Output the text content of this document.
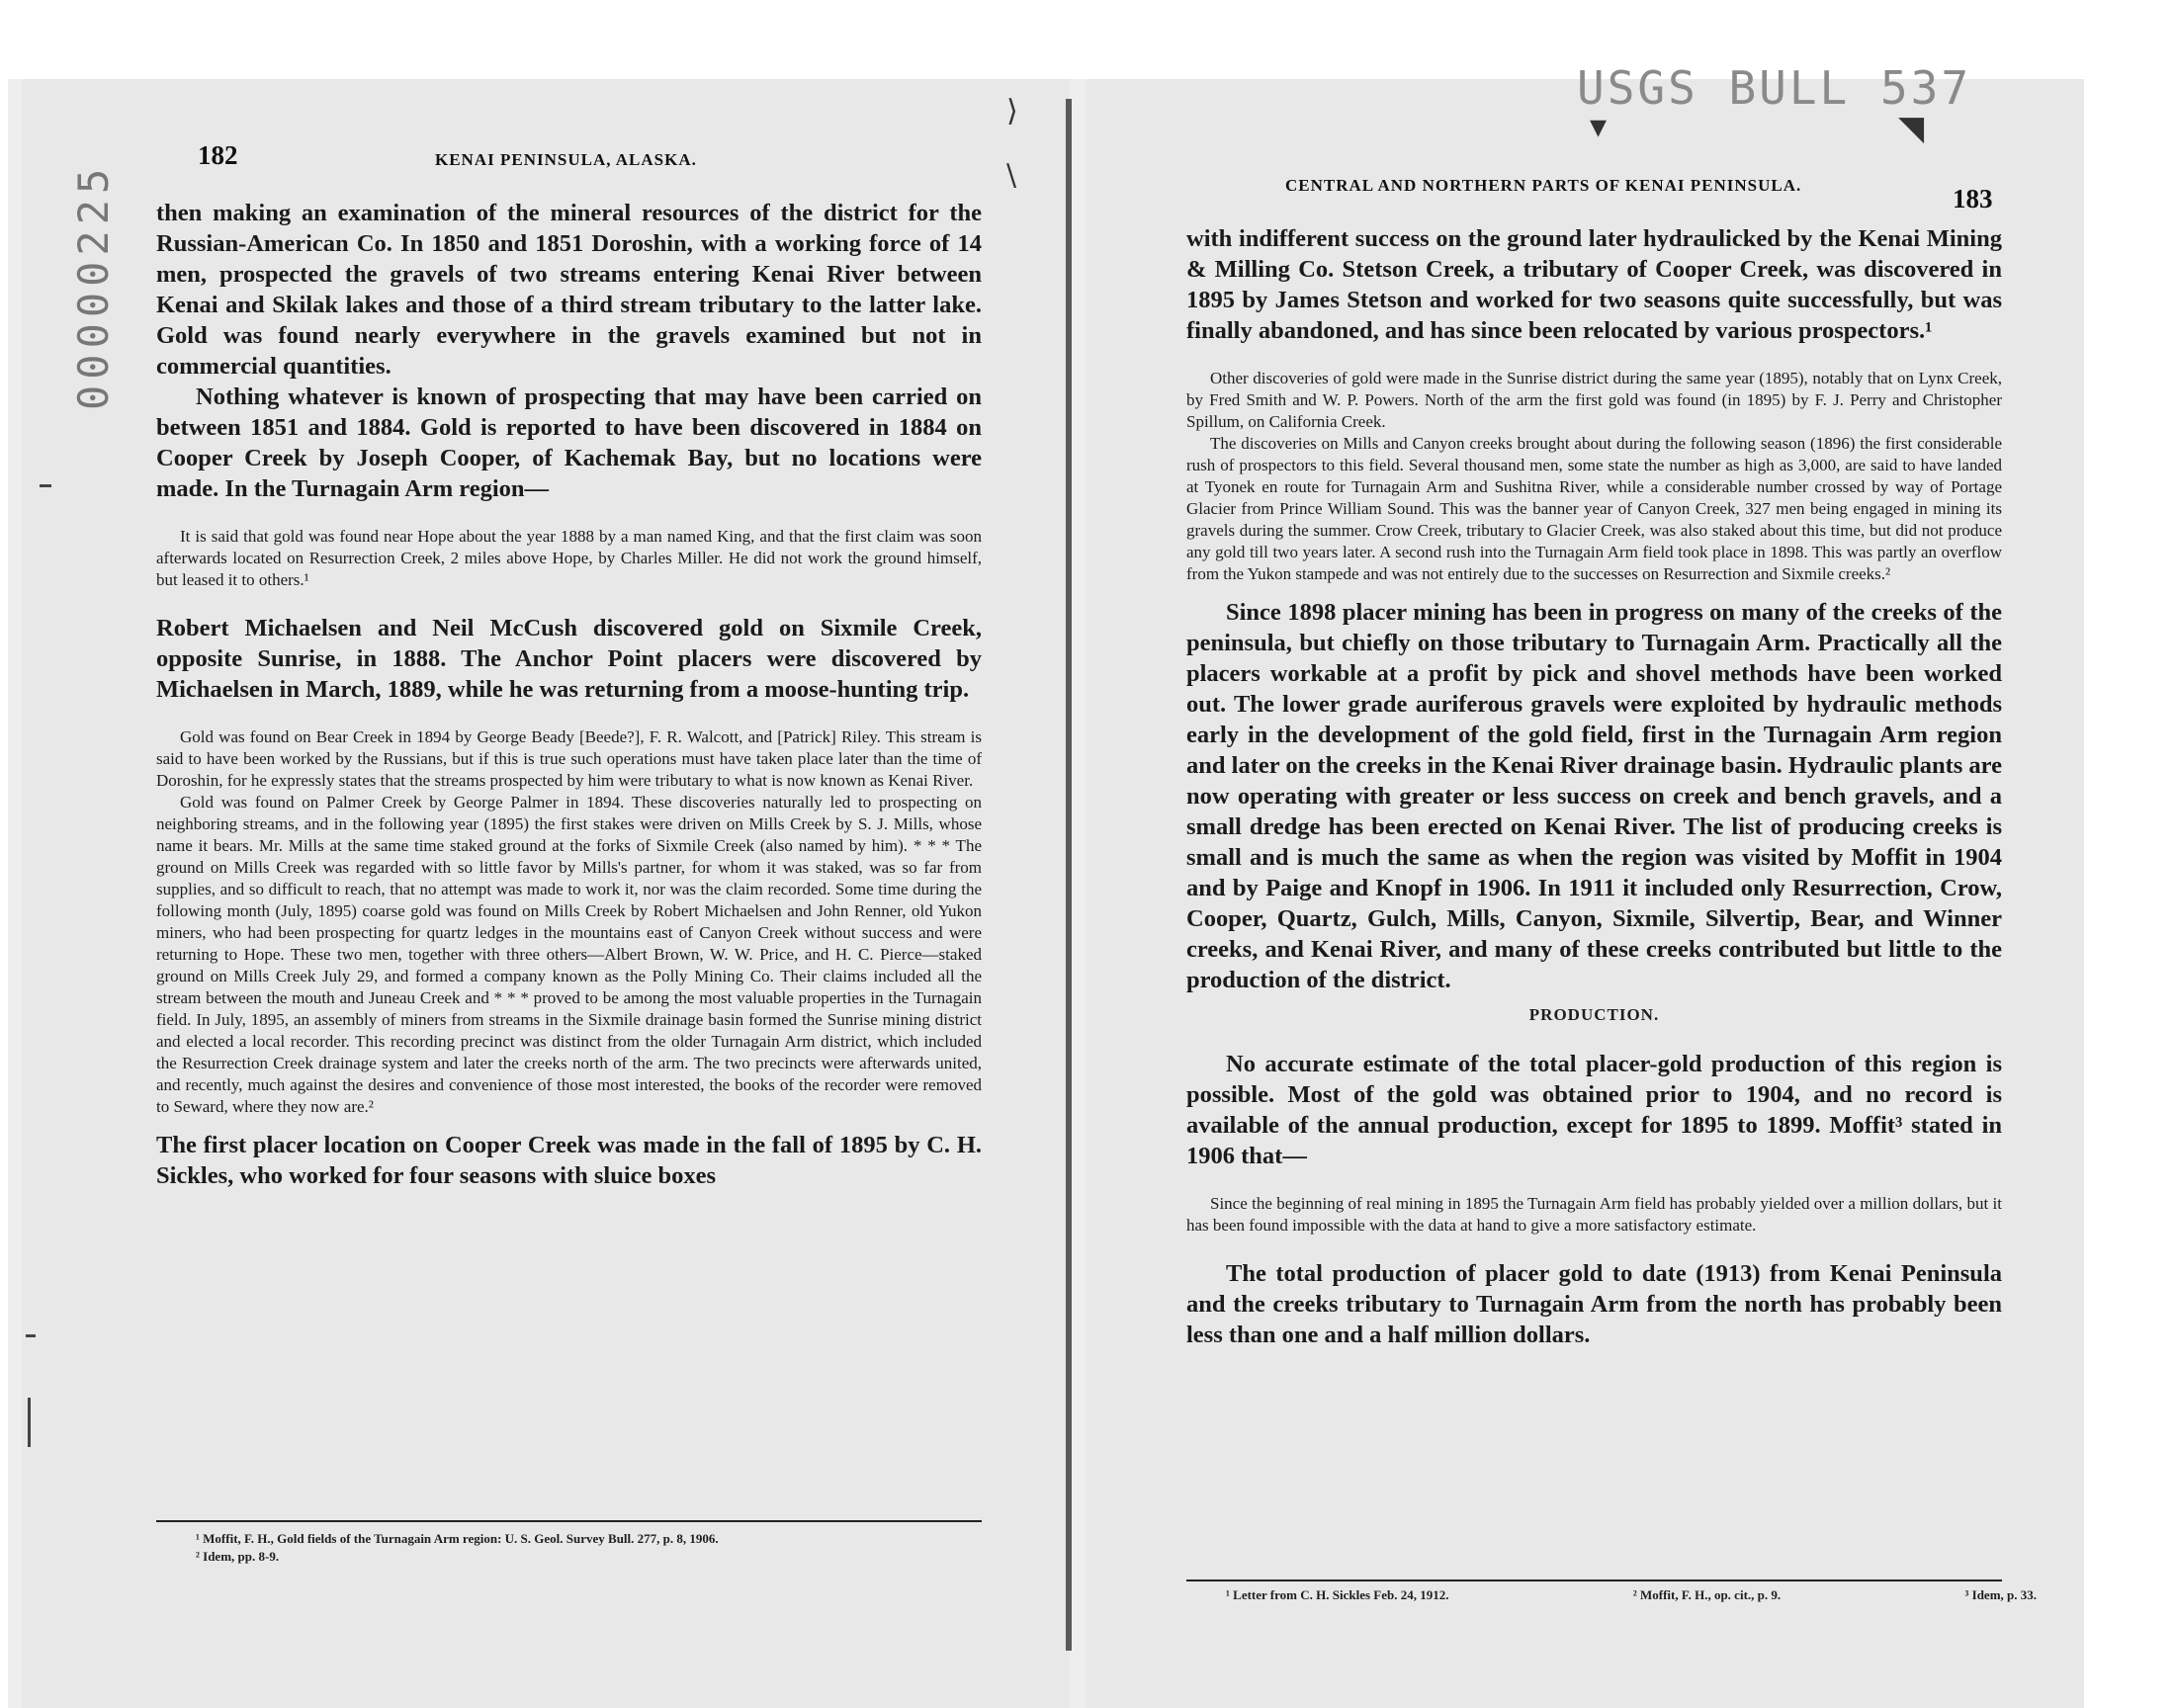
⟩
\
▾	◥
00000225
USGS BULL 537
182	KENAI PENINSULA, ALASKA.
CENTRAL AND NORTHERN PARTS OF KENAI PENINSULA.	183

then making an examination of the mineral resources of the district for the Russian-American Co. In 1850 and 1851 Doroshin, with a working force of 14 men, prospected the gravels of two streams entering Kenai River between Kenai and Skilak lakes and those of a third stream tributary to the latter lake. Gold was found nearly everywhere in the gravels examined but not in commercial quantities.

Nothing whatever is known of prospecting that may have been carried on between 1851 and 1884. Gold is reported to have been discovered in 1884 on Cooper Creek by Joseph Cooper, of Kachemak Bay, but no locations were made. In the Turnagain Arm region—

It is said that gold was found near Hope about the year 1888 by a man named King, and that the first claim was soon afterwards located on Resurrection Creek, 2 miles above Hope, by Charles Miller. He did not work the ground himself, but leased it to others.¹

Robert Michaelsen and Neil McCush discovered gold on Sixmile Creek, opposite Sunrise, in 1888. The Anchor Point placers were discovered by Michaelsen in March, 1889, while he was returning from a moose-hunting trip.

Gold was found on Bear Creek in 1894 by George Beady [Beede?], F. R. Walcott, and [Patrick] Riley. This stream is said to have been worked by the Russians, but if this is true such operations must have taken place later than the time of Doroshin, for he expressly states that the streams prospected by him were tributary to what is now known as Kenai River.

Gold was found on Palmer Creek by George Palmer in 1894. These discoveries naturally led to prospecting on neighboring streams, and in the following year (1895) the first stakes were driven on Mills Creek by S. J. Mills, whose name it bears. Mr. Mills at the same time staked ground at the forks of Sixmile Creek (also named by him). * * * The ground on Mills Creek was regarded with so little favor by Mills's partner, for whom it was staked, was so far from supplies, and so difficult to reach, that no attempt was made to work it, nor was the claim recorded. Some time during the following month (July, 1895) coarse gold was found on Mills Creek by Robert Michaelsen and John Renner, old Yukon miners, who had been prospecting for quartz ledges in the mountains east of Canyon Creek without success and were returning to Hope. These two men, together with three others—Albert Brown, W. W. Price, and H. C. Pierce—staked ground on Mills Creek July 29, and formed a company known as the Polly Mining Co. Their claims included all the stream between the mouth and Juneau Creek and * * * proved to be among the most valuable properties in the Turnagain field. In July, 1895, an assembly of miners from streams in the Sixmile drainage basin formed the Sunrise mining district and elected a local recorder. This recording precinct was distinct from the older Turnagain Arm district, which included the Resurrection Creek drainage system and later the creeks north of the arm. The two precincts were afterwards united, and recently, much against the desires and convenience of those most interested, the books of the recorder were removed to Seward, where they now are.²

The first placer location on Cooper Creek was made in the fall of 1895 by C. H. Sickles, who worked for four seasons with sluice boxes

¹ Moffit, F. H., Gold fields of the Turnagain Arm region: U. S. Geol. Survey Bull. 277, p. 8, 1906.
² Idem, pp. 8-9.

with indifferent success on the ground later hydraulicked by the Kenai Mining & Milling Co. Stetson Creek, a tributary of Cooper Creek, was discovered in 1895 by James Stetson and worked for two seasons quite successfully, but was finally abandoned, and has since been relocated by various prospectors.¹

Other discoveries of gold were made in the Sunrise district during the same year (1895), notably that on Lynx Creek, by Fred Smith and W. P. Powers. North of the arm the first gold was found (in 1895) by F. J. Perry and Christopher Spillum, on California Creek.

The discoveries on Mills and Canyon creeks brought about during the following season (1896) the first considerable rush of prospectors to this field. Several thousand men, some state the number as high as 3,000, are said to have landed at Tyonek en route for Turnagain Arm and Sushitna River, while a considerable number crossed by way of Portage Glacier from Prince William Sound. This was the banner year of Canyon Creek, 327 men being engaged in mining its gravels during the summer. Crow Creek, tributary to Glacier Creek, was also staked about this time, but did not produce any gold till two years later. A second rush into the Turnagain Arm field took place in 1898. This was partly an overflow from the Yukon stampede and was not entirely due to the successes on Resurrection and Sixmile creeks.²

Since 1898 placer mining has been in progress on many of the creeks of the peninsula, but chiefly on those tributary to Turnagain Arm. Practically all the placers workable at a profit by pick and shovel methods have been worked out. The lower grade auriferous gravels were exploited by hydraulic methods early in the development of the gold field, first in the Turnagain Arm region and later on the creeks in the Kenai River drainage basin. Hydraulic plants are now operating with greater or less success on creek and bench gravels, and a small dredge has been erected on Kenai River. The list of producing creeks is small and is much the same as when the region was visited by Moffit in 1904 and by Paige and Knopf in 1906. In 1911 it included only Resurrection, Crow, Cooper, Quartz, Gulch, Mills, Canyon, Sixmile, Silvertip, Bear, and Winner creeks, and Kenai River, and many of these creeks contributed but little to the production of the district.

PRODUCTION.

No accurate estimate of the total placer-gold production of this region is possible. Most of the gold was obtained prior to 1904, and no record is available of the annual production, except for 1895 to 1899. Moffit³ stated in 1906 that—

Since the beginning of real mining in 1895 the Turnagain Arm field has probably yielded over a million dollars, but it has been found impossible with the data at hand to give a more satisfactory estimate.

The total production of placer gold to date (1913) from Kenai Peninsula and the creeks tributary to Turnagain Arm from the north has probably been less than one and a half million dollars.

¹ Letter from C. H. Sickles Feb. 24, 1912.	² Moffit, F. H., op. cit., p. 9.	³ Idem, p. 33.
